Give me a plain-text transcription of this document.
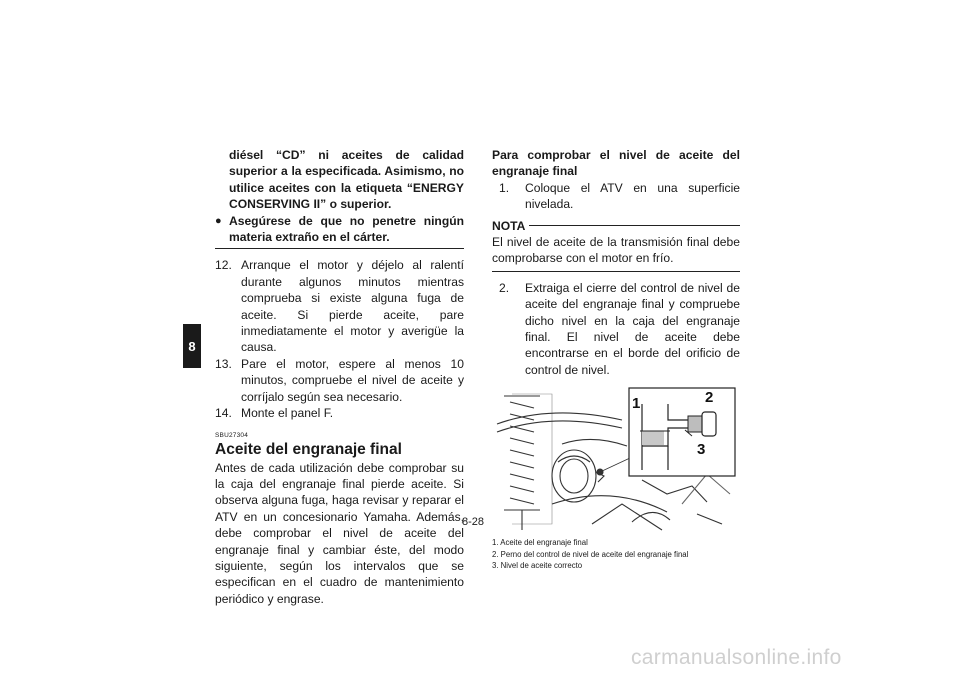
8

diésel “CD” ni aceites de calidad superior a la especificada. Asimismo, no utilice aceites con la etiqueta “ENERGY CONSERVING II” o superior.

● Asegúrese de que no penetre ningún materia extraño en el cárter.
12. Arranque el motor y déjelo al ralentí durante algunos minutos mientras comprueba si existe alguna fuga de aceite. Si pierde aceite, pare inmediatamente el motor y averigüe la causa.
13. Pare el motor, espere al menos 10 minutos, compruebe el nivel de aceite y corríjalo según sea necesario.
14. Monte el panel F.
SBU27304
Aceite del engranaje final

Antes de cada utilización debe comprobar su la caja del engranaje final pierde aceite. Si observa alguna fuga, haga revisar y reparar el ATV en un concesionario Yamaha. Además, debe comprobar el nivel de aceite del engranaje final y cambiar éste, del modo siguiente, según los intervalos que se especifican en el cuadro de mantenimiento periódico y engrase.

Para comprobar el nivel de aceite del engranaje final
1.	Coloque el ATV en una superficie nivelada.
NOTA

El nivel de aceite de la transmisión final debe comprobarse con el motor en frío.

2.	Extraiga el cierre del control de nivel de aceite del engranaje final y compruebe dicho nivel en la caja del engranaje final. El nivel de aceite debe encontrarse en el borde del orificio de control de nivel.
1	2
3
1. Aceite del engranaje final
2. Perno del control de nivel de aceite del engranaje final
3. Nivel de aceite correcto
8-28
carmanualsonline.info
